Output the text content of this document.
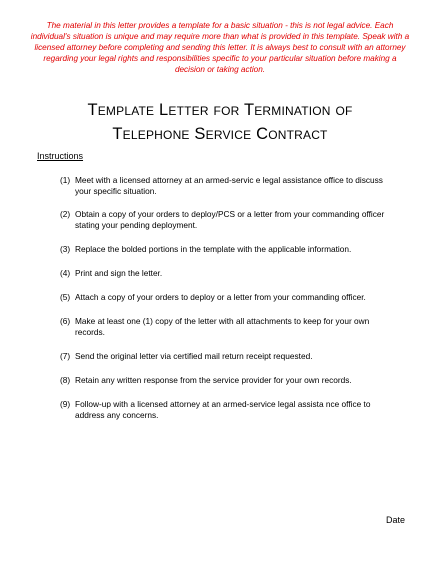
The material in this letter provides a template for a basic situation - this is not legal advice. Each individual's situation is unique and may require more than what is provided in this template. Speak with a licensed attorney before completing and sending this letter. It is always best to consult with an attorney regarding your legal rights and responsibilities specific to your particular situation before making a decision or taking action.
Template Letter for Termination of
Telephone Service Contract
Instructions
(1) Meet with a licensed attorney at an armed-servic e legal assistance office to discuss your specific situation.
(2) Obtain a copy of your orders to deploy/PCS or a letter from your commanding officer stating your pending deployment.
(3) Replace the bolded portions in the template with the applicable information.
(4) Print and sign the letter.
(5) Attach a copy of your orders to deploy or a letter from your commanding officer.
(6) Make at least one (1) copy of the letter with all attachments to keep for your own records.
(7) Send the original letter via certified mail return receipt requested.
(8) Retain any written response from the service provider for your own records.
(9) Follow-up with a licensed attorney at an armed-service legal assista nce office to address any concerns.
Date
